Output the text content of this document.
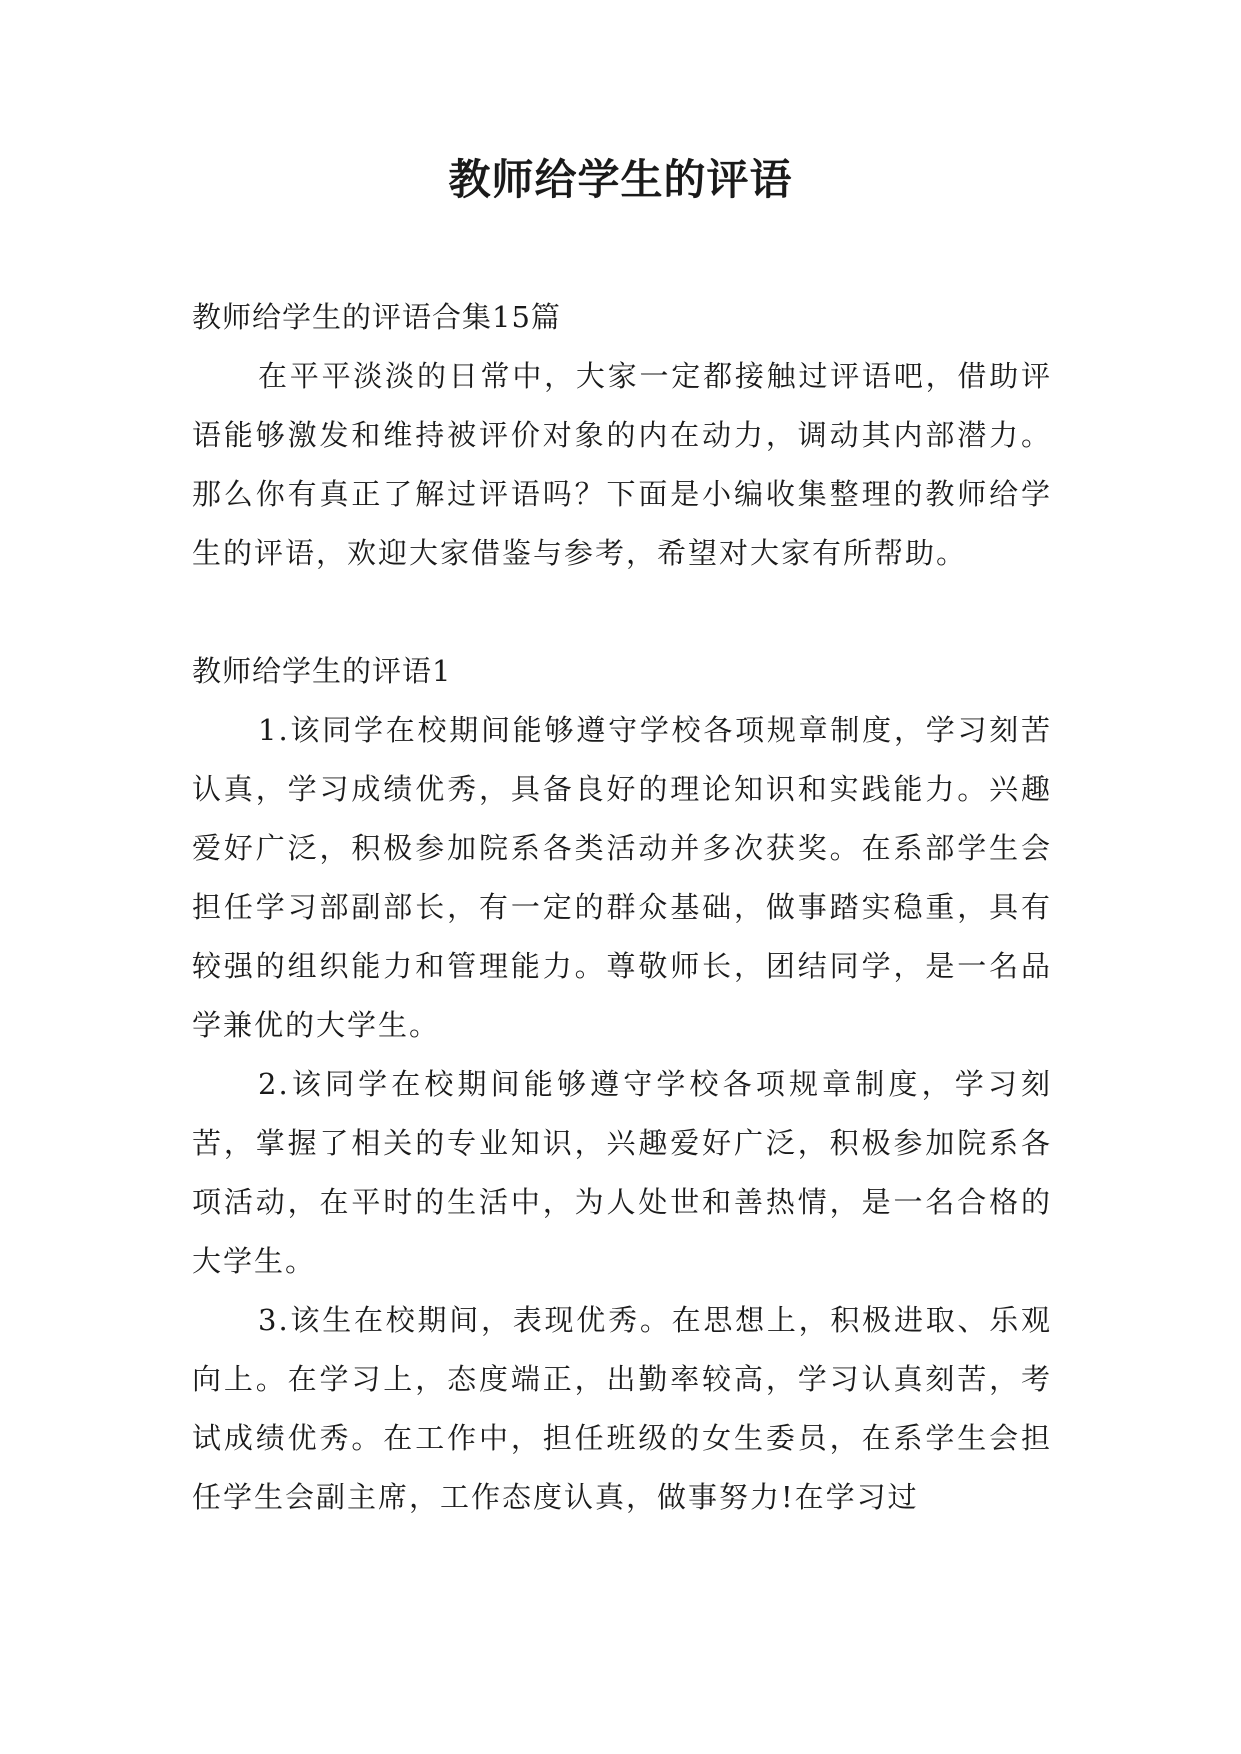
教师给学生的评语

教师给学生的评语合集15篇

在平平淡淡的日常中，大家一定都接触过评语吧，借助评语能够激发和维持被评价对象的内在动力，调动其内部潜力。那么你有真正了解过评语吗？下面是小编收集整理的教师给学生的评语，欢迎大家借鉴与参考，希望对大家有所帮助。

教师给学生的评语1

1.该同学在校期间能够遵守学校各项规章制度，学习刻苦认真，学习成绩优秀，具备良好的理论知识和实践能力。兴趣爱好广泛，积极参加院系各类活动并多次获奖。在系部学生会担任学习部副部长，有一定的群众基础，做事踏实稳重，具有较强的组织能力和管理能力。尊敬师长，团结同学，是一名品学兼优的大学生。

2.该同学在校期间能够遵守学校各项规章制度，学习刻苦，掌握了相关的专业知识，兴趣爱好广泛，积极参加院系各项活动，在平时的生活中，为人处世和善热情，是一名合格的大学生。

3.该生在校期间，表现优秀。在思想上，积极进取、乐观向上。在学习上，态度端正，出勤率较高，学习认真刻苦，考试成绩优秀。在工作中，担任班级的女生委员，在系学生会担任学生会副主席，工作态度认真，做事努力!在学习过
